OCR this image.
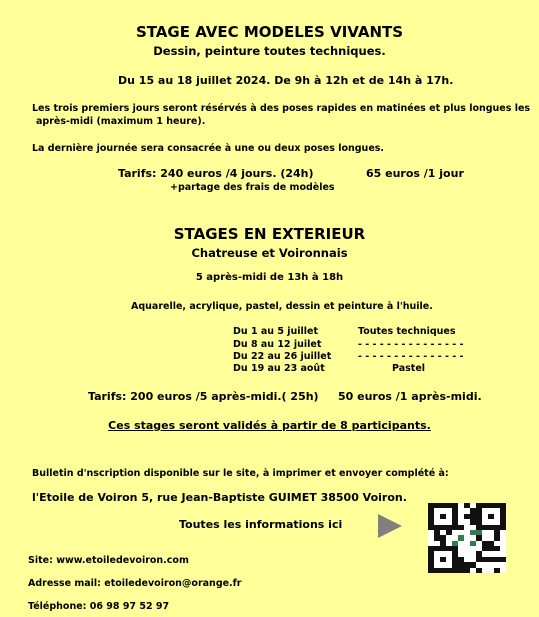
STAGE AVEC MODELES VIVANTS
Dessin, peinture toutes techniques.
Du 15 au 18 juillet 2024. De 9h à 12h et de 14h à 17h.
Les trois premiers jours seront résérvés à des poses rapides en matinées et plus longues les
après-midi (maximum 1 heure).
La dernière journée sera consacrée à une ou deux poses longues.
Tarifs: 240 euros /4 jours. (24h)	65 euros /1 jour
+partage des frais de modèles
STAGES EN EXTERIEUR
Chatreuse et Voironnais
5 après-midi de 13h à 18h
Aquarelle, acrylique, pastel, dessin et peinture à l'huile.
Du 1 au 5 juillet	Toutes techniques
Du 8 au 12 juilet	- - - - - - - - - - - - - - -
Du 22 au 26 juillet	- - - - - - - - - - - - - - -
Du 19 au 23 août	Pastel
Tarifs: 200 euros /5 après-midi.( 25h) 50 euros /1 après-midi.
Ces stages seront validés à partir de 8 participants.
Bulletin d'nscription disponible sur le site, à imprimer et envoyer complété à:
l'Etoile de Voiron 5, rue Jean-Baptiste GUIMET 38500 Voiron.
Toutes les informations ici
Site: www.etoiledevoiron.com
Adresse mail: etoiledevoiron@orange.fr
Téléphone: 06 98 97 52 97
